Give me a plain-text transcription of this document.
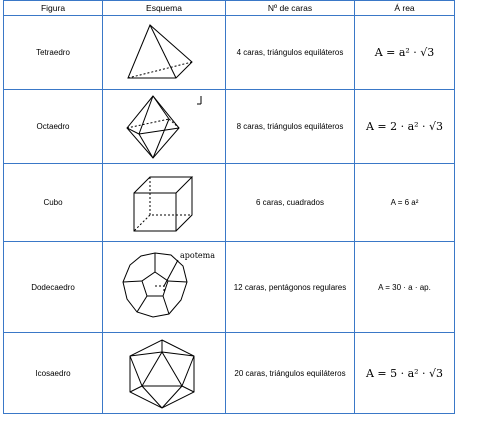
Figura	Esquema	Nº de caras	Á rea
Tetraedro		4 caras, triángulos equiláteros	A = a² · √3
Octaedro		8 caras, triángulos equiláteros	A = 2 · a² · √3
Cubo		6 caras, cuadrados	A = 6 a²
Dodecaedro	apotema	12 caras, pentágonos regulares	A = 30 · a · ap.
Icosaedro		20 caras, triángulos equiláteros	A = 5 · a² · √3
